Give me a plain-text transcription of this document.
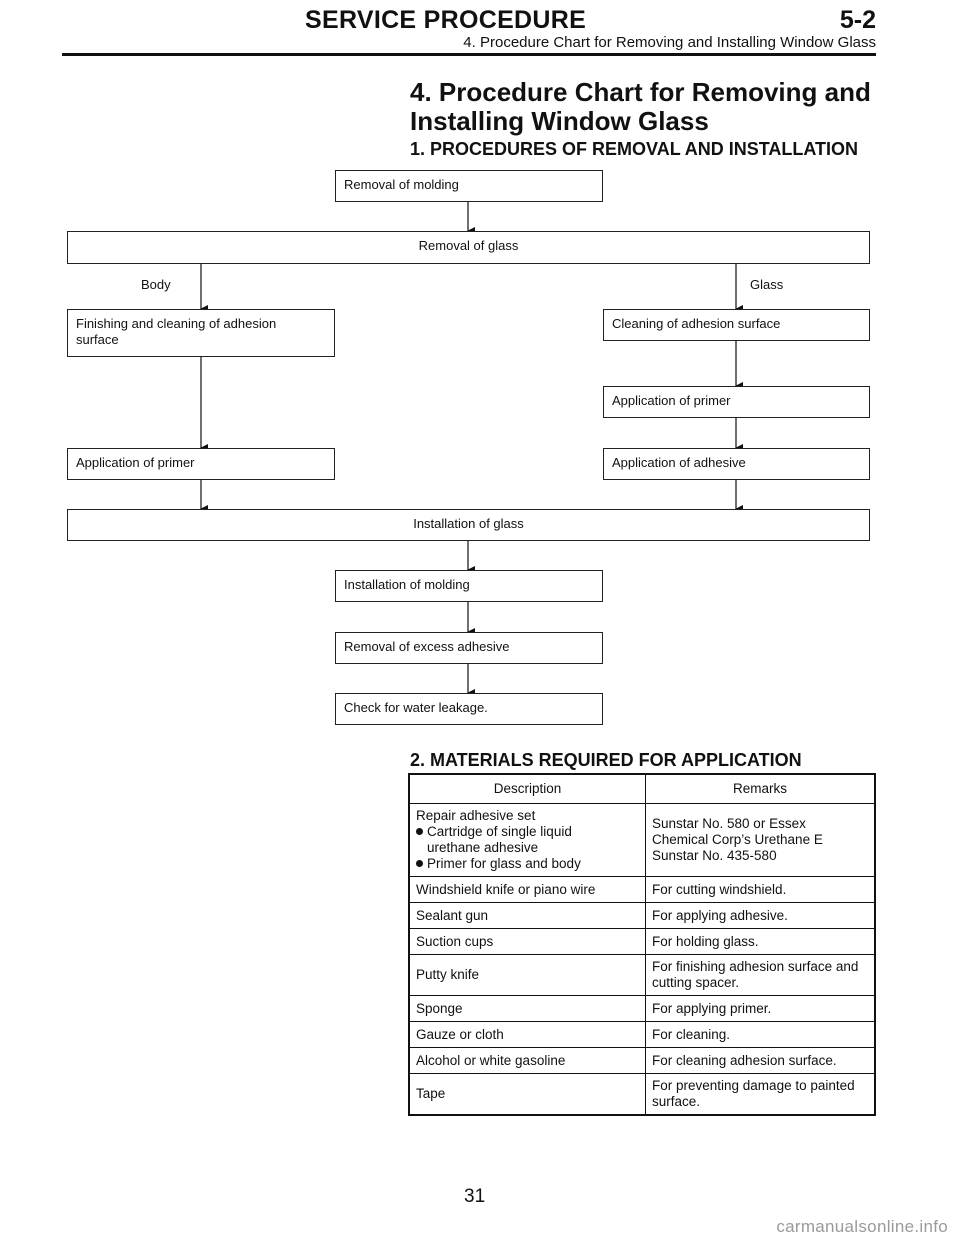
SERVICE PROCEDURE	5-2
4. Procedure Chart for Removing and Installing Window Glass
4. Procedure Chart for Removing and
Installing Window Glass
1. PROCEDURES OF REMOVAL AND INSTALLATION
Removal of molding
Removal of glass
Body	Glass
Finishing and cleaning of adhesion
surface
Cleaning of adhesion surface
Application of primer
Application of primer	Application of adhesive
Installation of glass
Installation of molding
Removal of excess adhesive
Check for water leakage.
2. MATERIALS REQUIRED FOR APPLICATION
Description	Remarks

Repair adhesive set
Cartridge of single liquid
urethane adhesive
Primer for glass and body	Sunstar No. 580 or Essex
Chemical Corp’s Urethane E
Sunstar No. 435-580

Windshield knife or piano wire	For cutting windshield.
Sealant gun	For applying adhesive.
Suction cups	For holding glass.
Putty knife	For finishing adhesion surface and
cutting spacer.

Sponge	For applying primer.
Gauze or cloth	For cleaning.
Alcohol or white gasoline	For cleaning adhesion surface.
Tape	For preventing damage to painted
surface.
31
carmanualsonline.info
